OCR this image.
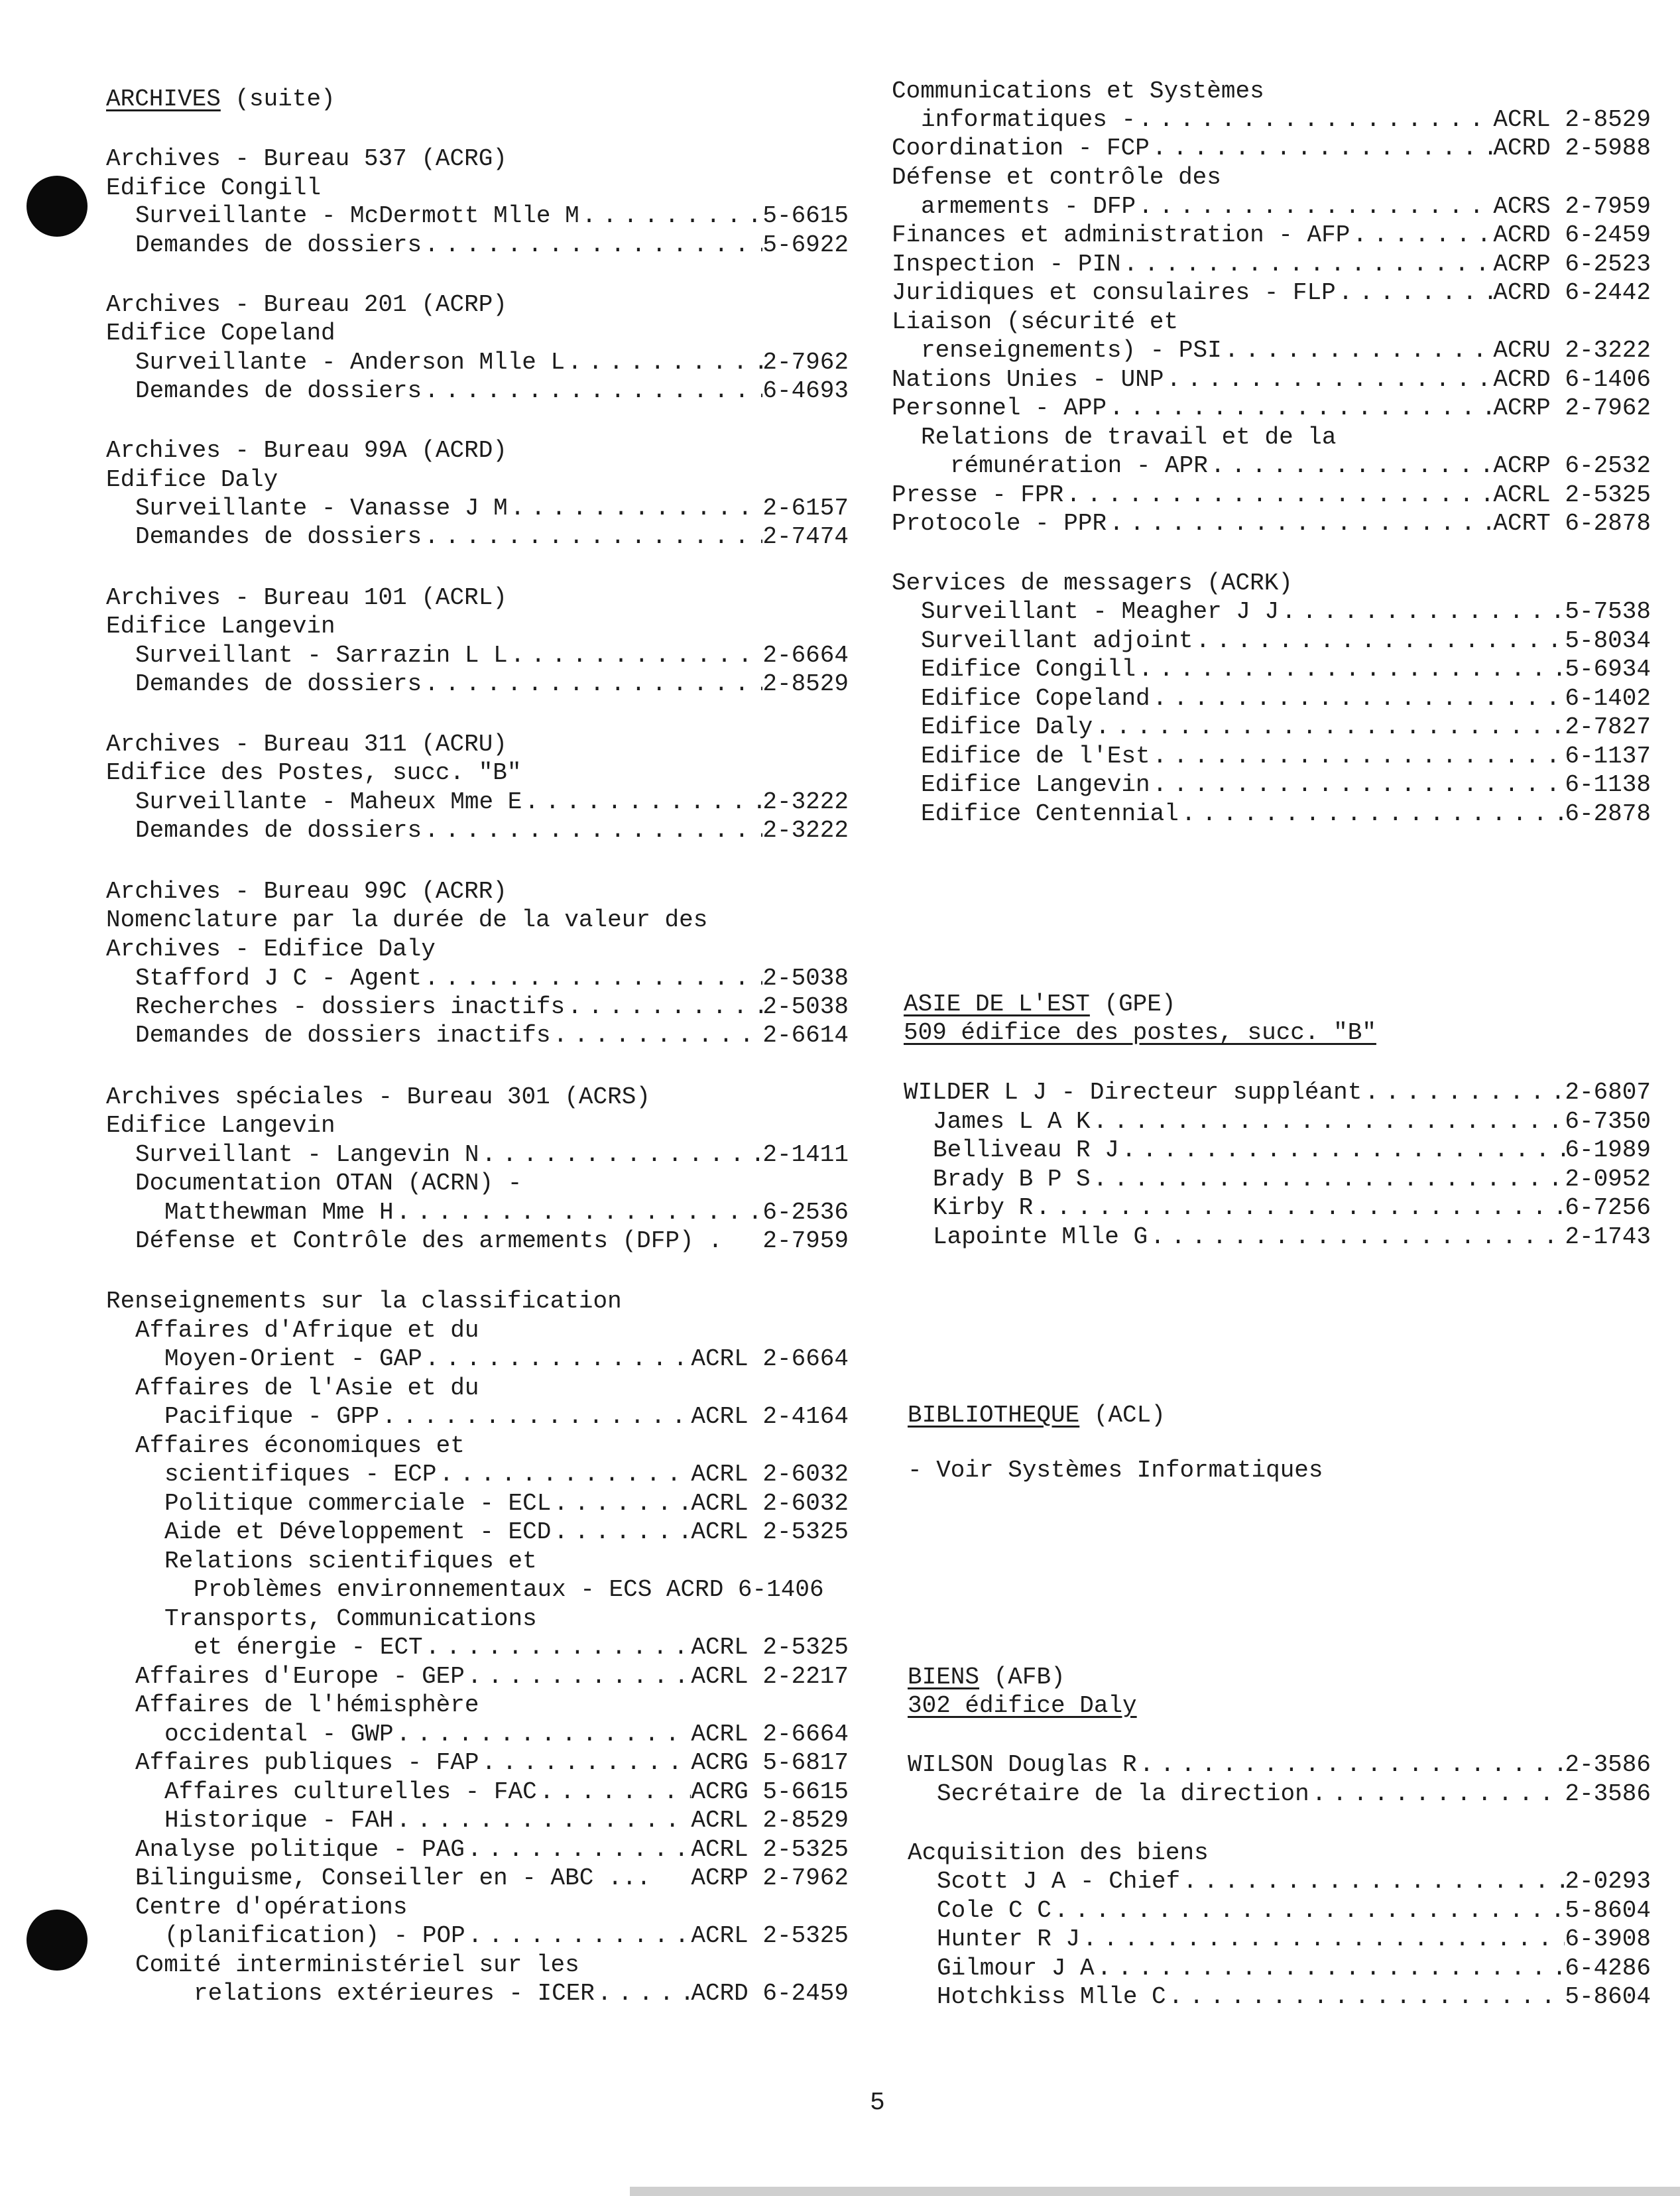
ARCHIVES (suite)
Archives - Bureau 537 (ACRG)
Edifice Congill
Surveillante - McDermott Mlle M . . .	5-6615
Demandes de dossiers . . .	5-6922
Archives - Bureau 201 (ACRP)
Edifice Copeland
Surveillante - Anderson Mlle L . . .	2-7962
Demandes de dossiers . . .	6-4693
Archives - Bureau 99A (ACRD)
Edifice Daly
Surveillante - Vanasse J M . . .	2-6157
Demandes de dossiers . . .	2-7474
Archives - Bureau 101 (ACRL)
Edifice Langevin
Surveillant - Sarrazin L L . . .	2-6664
Demandes de dossiers . . .	2-8529
Archives - Bureau 311 (ACRU)
Edifice des Postes, succ. "B"
Surveillante - Maheux Mme E . . .	2-3222
Demandes de dossiers . . .	2-3222
Archives - Bureau 99C (ACRR)
Nomenclature par la durée de la valeur des
Archives - Edifice Daly
Stafford J C - Agent . . .	2-5038
Recherches - dossiers inactifs . . .	2-5038
Demandes de dossiers inactifs . . .	2-6614
Archives spéciales - Bureau 301 (ACRS)
Edifice Langevin
Surveillant - Langevin N . . .	2-1411
Documentation OTAN (ACRN) -
Matthewman Mme H . . .	6-2536
Défense et Contrôle des armements (DFP) . 2-7959
Renseignements sur la classification
Affaires d'Afrique et du
Moyen-Orient - GAP . . .	ACRL 2-6664
Affaires de l'Asie et du
Pacifique - GPP . . .	ACRL 2-4164
Affaires économiques et
scientifiques - ECP . . .	ACRL 2-6032
Politique commerciale - ECL . . .	ACRL 2-6032
Aide et Développement - ECD . . .	ACRL 2-5325
Relations scientifiques et
Problèmes environnementaux - ECS ACRD 6-1406
Transports, Communications
et énergie - ECT . . .	ACRL 2-5325
Affaires d'Europe - GEP . . .	ACRL 2-2217
Affaires de l'hémisphère
occidental - GWP . . .	ACRL 2-6664
Affaires publiques - FAP . . .	ACRG 5-6817
Affaires culturelles - FAC . . .	ACRG 5-6615
Historique - FAH . . .	ACRL 2-8529
Analyse politique - PAG . . .	ACRL 2-5325
Bilinguisme, Conseiller en - ABC ... ACRP 2-7962
Centre d'opérations
(planification) - POP . . .	ACRL 2-5325
Comité interministériel sur les
relations extérieures - ICER . . .	ACRD 6-2459
Communications et Systèmes
informatiques - . . .	ACRL 2-8529
Coordination - FCP . . .	ACRD 2-5988
Défense et contrôle des
armements - DFP . . .	ACRS 2-7959
Finances et administration - AFP . . .	ACRD 6-2459
Inspection - PIN . . .	ACRP 6-2523
Juridiques et consulaires - FLP . . .	ACRD 6-2442
Liaison (sécurité et
renseignements) - PSI . . .	ACRU 2-3222
Nations Unies - UNP . . .	ACRD 6-1406
Personnel - APP . . .	ACRP 2-7962
Relations de travail et de la
rémunération - APR . . .	ACRP 6-2532
Presse - FPR . . .	ACRL 2-5325
Protocole - PPR . . .	ACRT 6-2878
Services de messagers (ACRK)
Surveillant - Meagher J J . . .	5-7538
Surveillant adjoint . . .	5-8034
Edifice Congill . . .	5-6934
Edifice Copeland . . .	6-1402
Edifice Daly . . .	2-7827
Edifice de l'Est . . .	6-1137
Edifice Langevin . . .	6-1138
Edifice Centennial . . .	6-2878
ASIE DE L'EST (GPE)
509 édifice des postes, succ. "B"
WILDER L J - Directeur suppléant . . .	2-6807
James L A K . . .	6-7350
Belliveau R J . . .	6-1989
Brady B P S . . .	2-0952
Kirby R . . .	6-7256
Lapointe Mlle G . . .	2-1743
BIBLIOTHEQUE (ACL)
- Voir Systèmes Informatiques
BIENS (AFB)
302 édifice Daly
WILSON Douglas R . . .	2-3586
Secrétaire de la direction . . .	2-3586
Acquisition des biens
Scott J A - Chief . . .	2-0293
Cole C C . . .	5-8604
Hunter R J . . .	6-3908
Gilmour J A . . .	6-4286
Hotchkiss Mlle C . . .	5-8604
5
